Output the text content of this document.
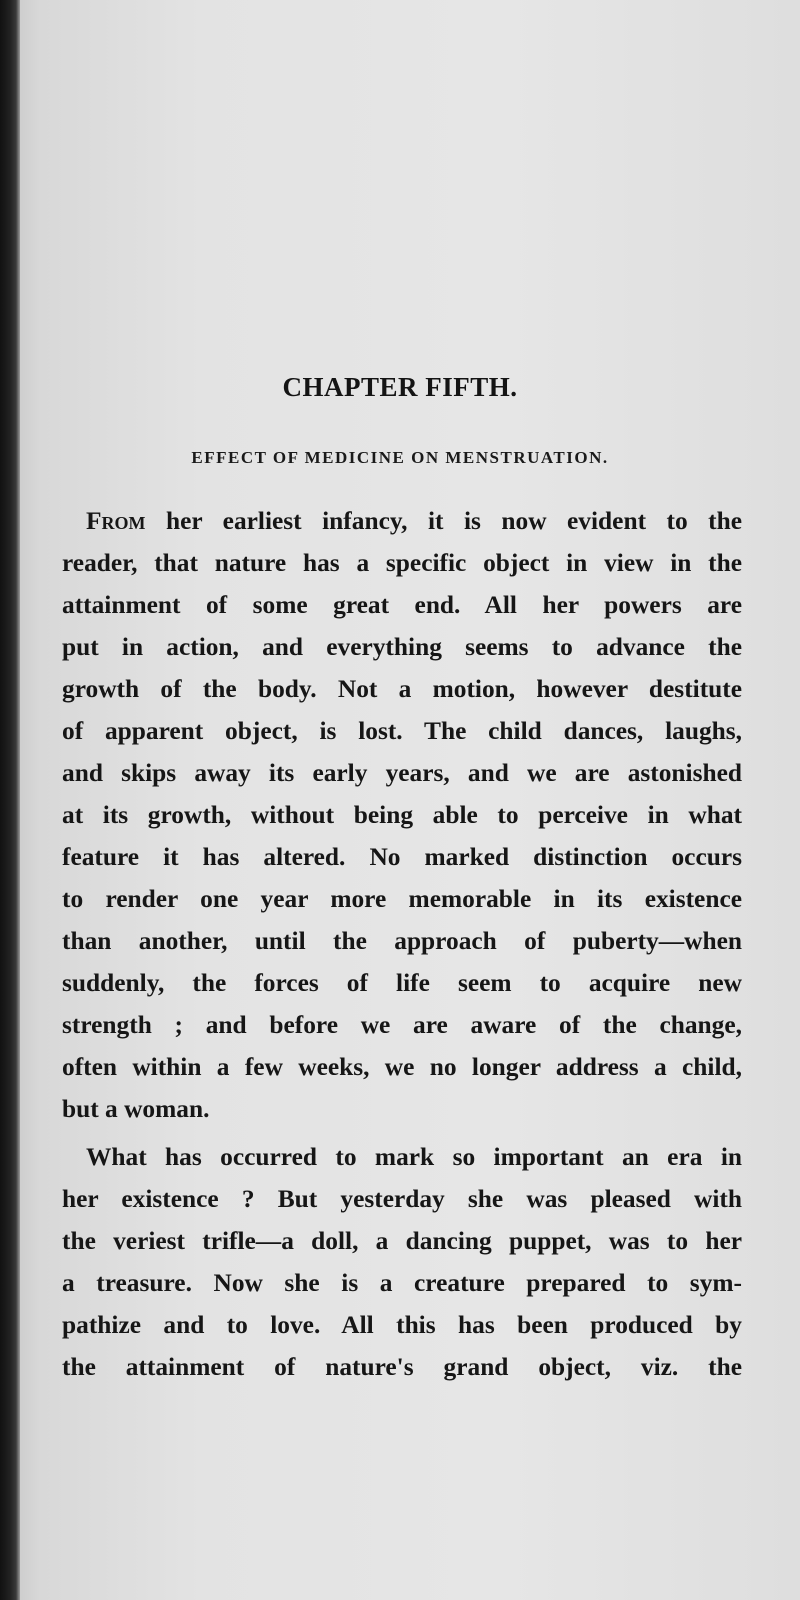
CHAPTER FIFTH.
EFFECT OF MEDICINE ON MENSTRUATION.
From her earliest infancy, it is now evident to the
reader, that nature has a specific object in view in the
attainment of some great end. All her powers are
put in action, and everything seems to advance the
growth of the body. Not a motion, however destitute
of apparent object, is lost. The child dances, laughs,
and skips away its early years, and we are astonished
at its growth, without being able to perceive in what
feature it has altered. No marked distinction occurs
to render one year more memorable in its existence
than another, until the approach of puberty—when
suddenly, the forces of life seem to acquire new
strength ; and before we are aware of the change,
often within a few weeks, we no longer address a child,
but a woman.
What has occurred to mark so important an era in
her existence ? But yesterday she was pleased with
the veriest trifle—a doll, a dancing puppet, was to her
a treasure. Now she is a creature prepared to sym-
pathize and to love. All this has been produced by
the attainment of nature's grand object, viz. the
